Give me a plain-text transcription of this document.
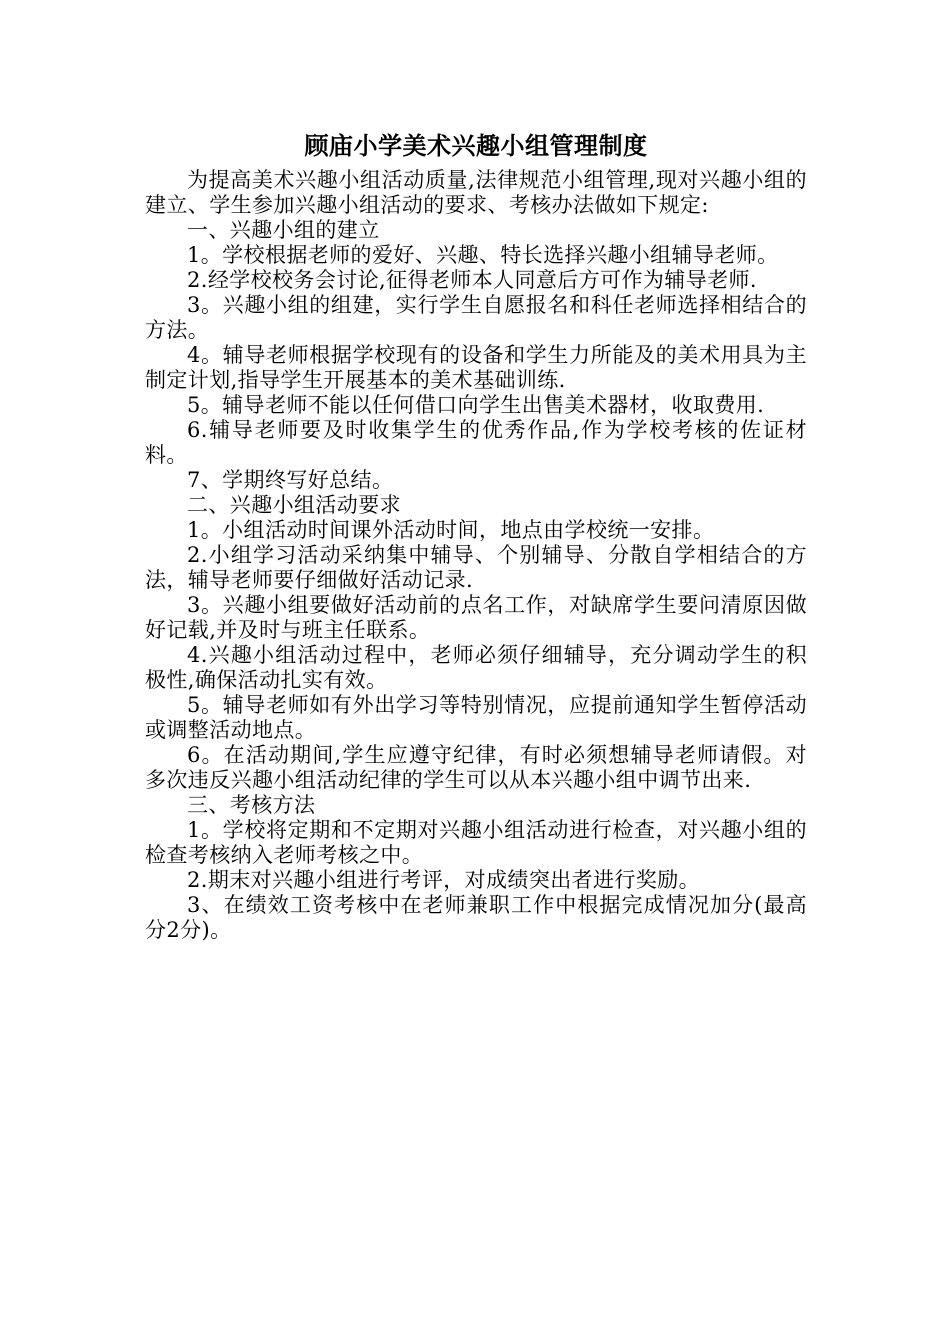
顾庙小学美术兴趣小组管理制度

为提高美术兴趣小组活动质量,法律规范小组管理,现对兴趣小组的建立、学生参加兴趣小组活动的要求、考核办法做如下规定:

一、兴趣小组的建立

1。学校根据老师的爱好、兴趣、特长选择兴趣小组辅导老师。

2.经学校校务会讨论,征得老师本人同意后方可作为辅导老师.

3。兴趣小组的组建，实行学生自愿报名和科任老师选择相结合的方法。

4。辅导老师根据学校现有的设备和学生力所能及的美术用具为主制定计划,指导学生开展基本的美术基础训练.

5。辅导老师不能以任何借口向学生出售美术器材，收取费用.

6.辅导老师要及时收集学生的优秀作品,作为学校考核的佐证材料。

7、学期终写好总结。

二、兴趣小组活动要求

1。小组活动时间课外活动时间，地点由学校统一安排。

2.小组学习活动采纳集中辅导、个别辅导、分散自学相结合的方法，辅导老师要仔细做好活动记录.

3。兴趣小组要做好活动前的点名工作，对缺席学生要问清原因做好记载,并及时与班主任联系。

4.兴趣小组活动过程中，老师必须仔细辅导，充分调动学生的积极性,确保活动扎实有效。

5。辅导老师如有外出学习等特别情况，应提前通知学生暂停活动或调整活动地点。

6。在活动期间,学生应遵守纪律，有时必须想辅导老师请假。对多次违反兴趣小组活动纪律的学生可以从本兴趣小组中调节出来.

三、考核方法

1。学校将定期和不定期对兴趣小组活动进行检查，对兴趣小组的检查考核纳入老师考核之中。

2.期末对兴趣小组进行考评，对成绩突出者进行奖励。

3、在绩效工资考核中在老师兼职工作中根据完成情况加分(最高分2分)。
